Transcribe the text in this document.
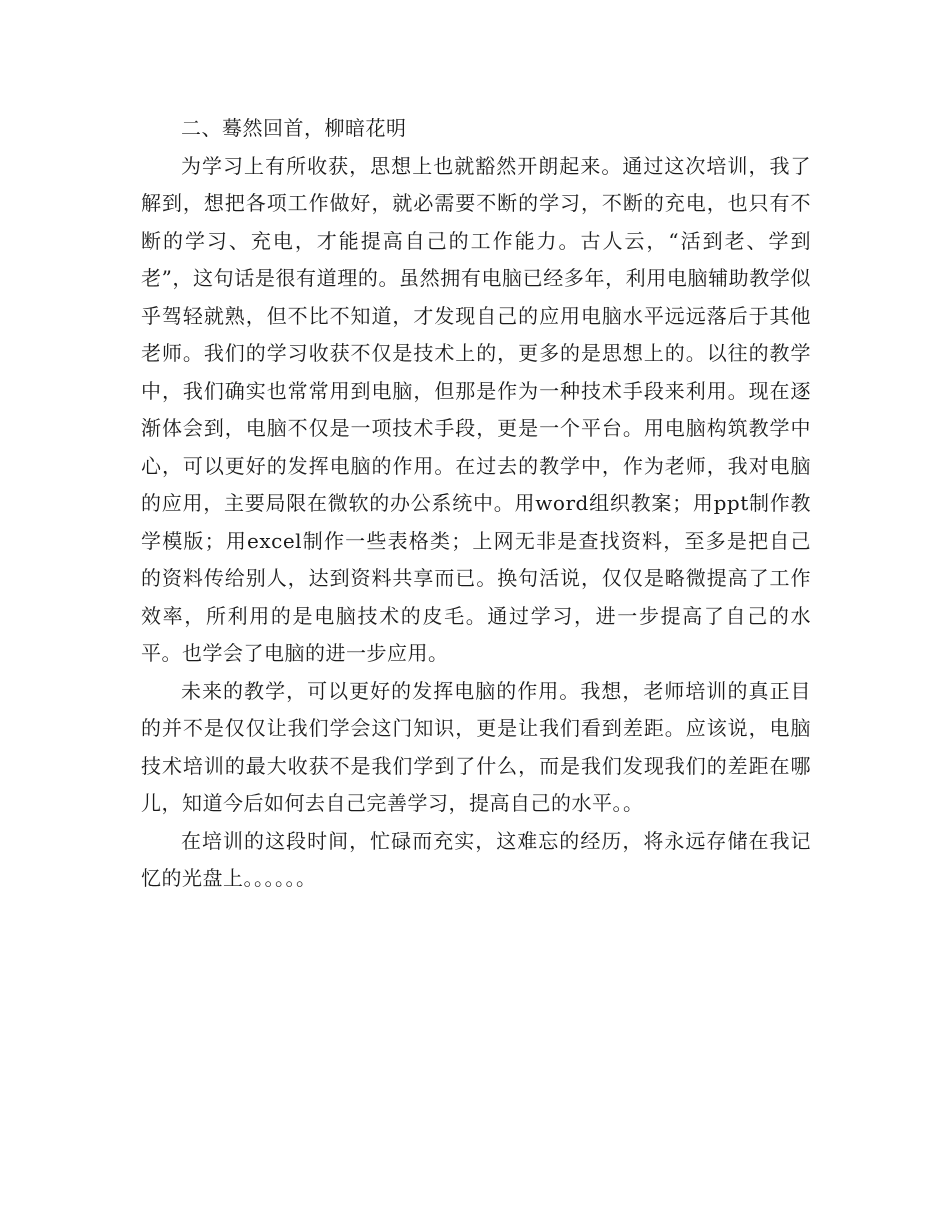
二、蓦然回首，柳暗花明

为学习上有所收获，思想上也就豁然开朗起来。通过这次培训，我了解到，想把各项工作做好，就必需要不断的学习，不断的充电，也只有不断的学习、充电，才能提高自己的工作能力。古人云，“活到老、学到老”，这句话是很有道理的。虽然拥有电脑已经多年，利用电脑辅助教学似乎驾轻就熟，但不比不知道，才发现自己的应用电脑水平远远落后于其他老师。我们的学习收获不仅是技术上的，更多的是思想上的。以往的教学中，我们确实也常常用到电脑，但那是作为一种技术手段来利用。现在逐渐体会到，电脑不仅是一项技术手段，更是一个平台。用电脑构筑教学中心，可以更好的发挥电脑的作用。在过去的教学中，作为老师，我对电脑的应用，主要局限在微软的办公系统中。用word组织教案；用ppt制作教学模版；用excel制作一些表格类；上网无非是查找资料，至多是把自己的资料传给别人，达到资料共享而已。换句活说，仅仅是略微提高了工作效率，所利用的是电脑技术的皮毛。通过学习，进一步提高了自己的水平。也学会了电脑的进一步应用。

未来的教学，可以更好的发挥电脑的作用。我想，老师培训的真正目的并不是仅仅让我们学会这门知识，更是让我们看到差距。应该说，电脑技术培训的最大收获不是我们学到了什么，而是我们发现我们的差距在哪儿，知道今后如何去自己完善学习，提高自己的水平。。

在培训的这段时间，忙碌而充实，这难忘的经历，将永远存储在我记忆的光盘上。。。。。。
